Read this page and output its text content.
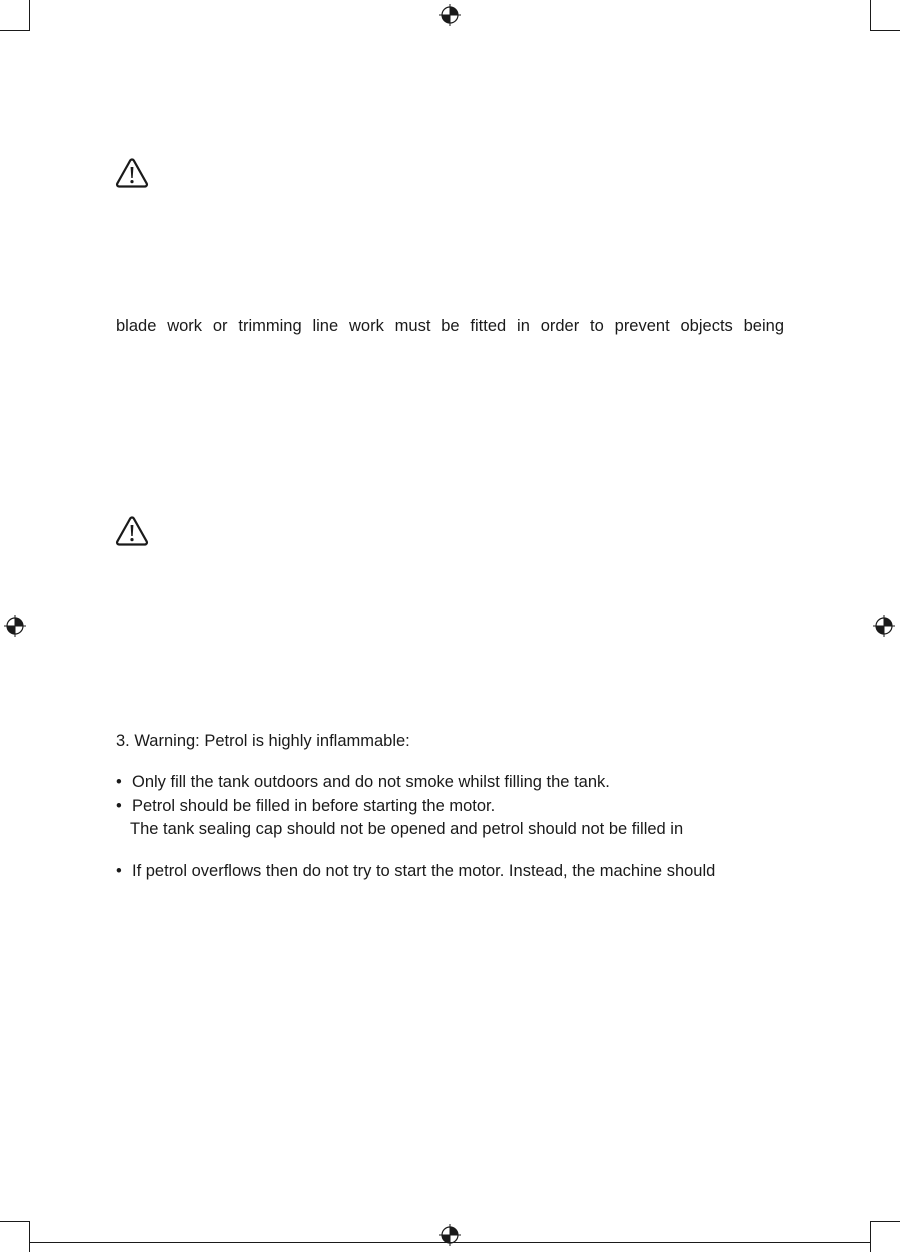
blade work or trimming line work must be fitted in order to prevent objects being
3. Warning: Petrol is highly inflammable:
• Only fill the tank outdoors and do not smoke whilst filling the tank.
• Petrol should be filled in before starting the motor.
The tank sealing cap should not be opened and petrol should not be filled in
• If petrol overflows then do not try to start the motor. Instead, the machine should
